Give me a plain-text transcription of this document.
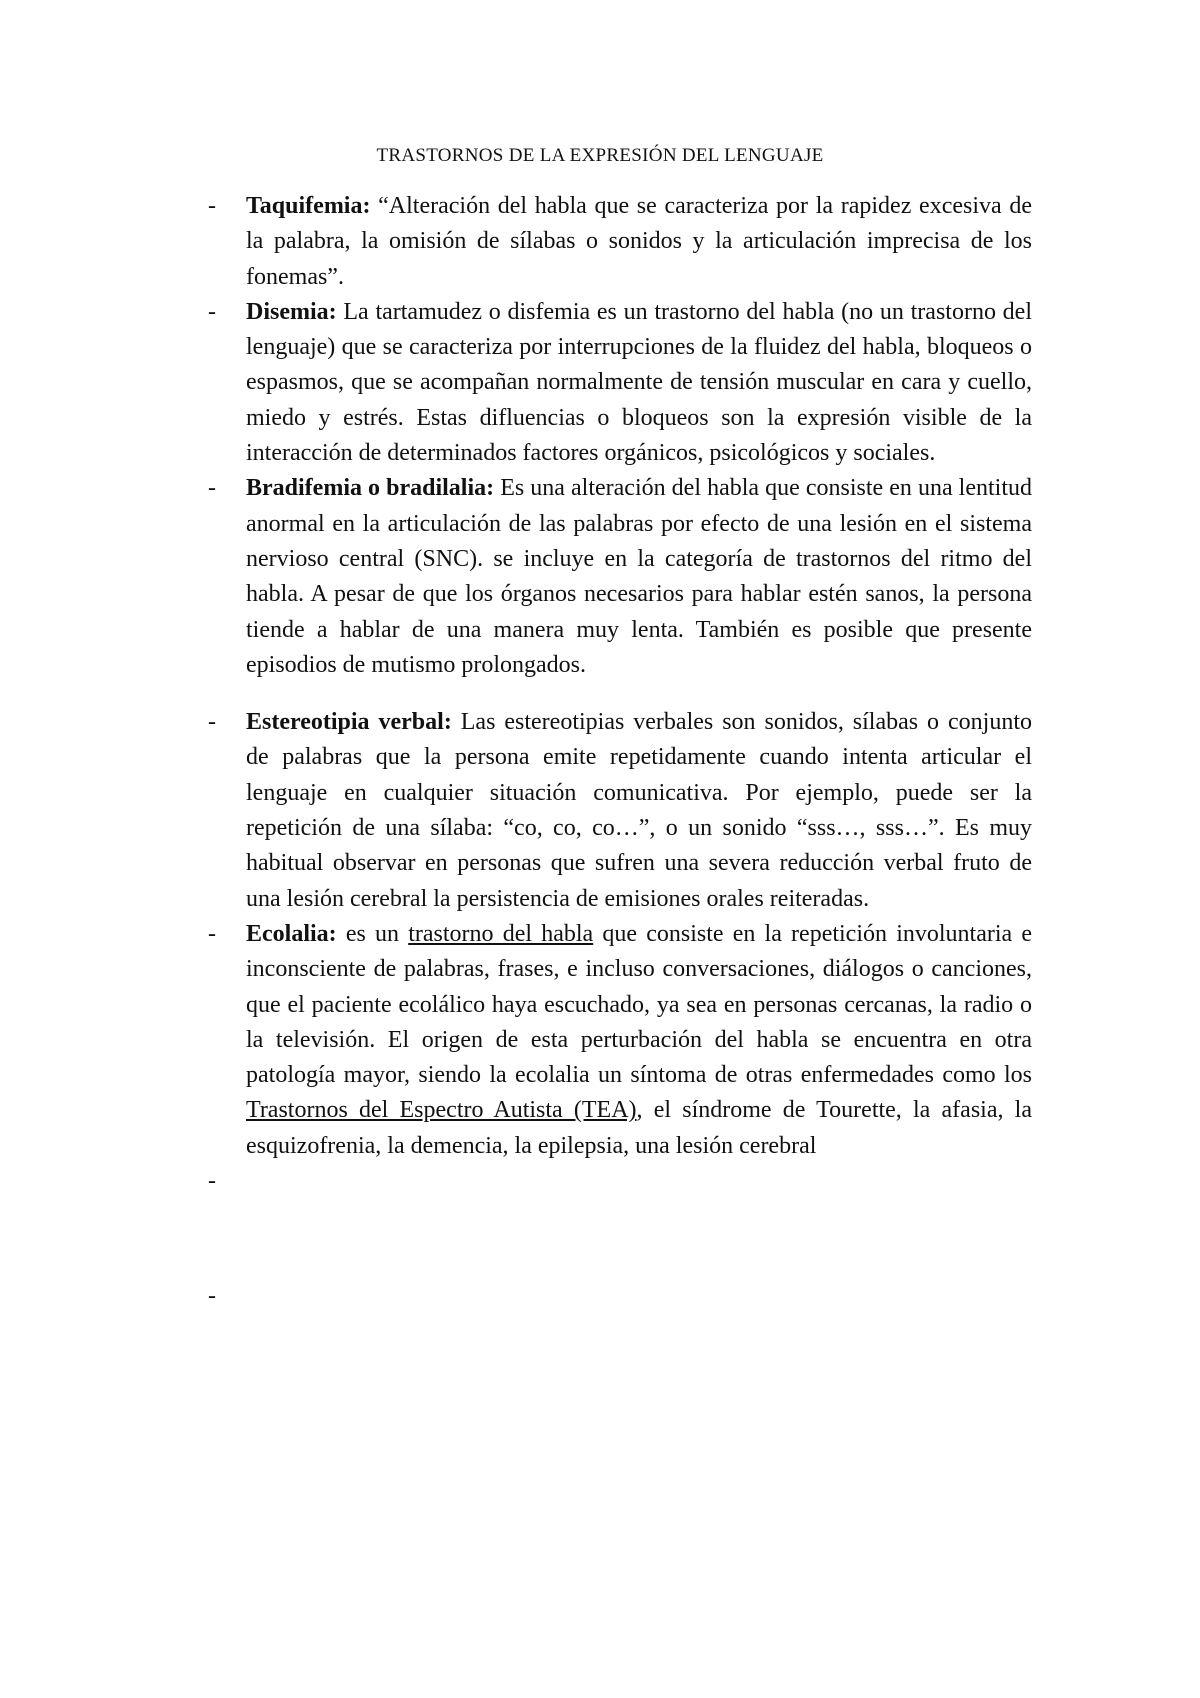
TRASTORNOS DE LA EXPRESIÓN DEL LENGUAJE
- Taquifemia: “Alteración del habla que se caracteriza por la rapidez excesiva de la palabra, la omisión de sílabas o sonidos y la articulación imprecisa de los fonemas”.
- Disemia: La tartamudez o disfemia es un trastorno del habla (no un trastorno del lenguaje) que se caracteriza por interrupciones de la fluidez del habla, bloqueos o espasmos, que se acompañan normalmente de tensión muscular en cara y cuello, miedo y estrés. Estas difluencias o bloqueos son la expresión visible de la interacción de determinados factores orgánicos, psicológicos y sociales.
- Bradifemia o bradilalia: Es una alteración del habla que consiste en una lentitud anormal en la articulación de las palabras por efecto de una lesión en el sistema nervioso central (SNC). se incluye en la categoría de trastornos del ritmo del habla. A pesar de que los órganos necesarios para hablar estén sanos, la persona tiende a hablar de una manera muy lenta. También es posible que presente episodios de mutismo prolongados.
- Estereotipia verbal: Las estereotipias verbales son sonidos, sílabas o conjunto de palabras que la persona emite repetidamente cuando intenta articular el lenguaje en cualquier situación comunicativa. Por ejemplo, puede ser la repetición de una sílaba: “co, co, co…”, o un sonido “sss…, sss…”. Es muy habitual observar en personas que sufren una severa reducción verbal fruto de una lesión cerebral la persistencia de emisiones orales reiteradas.
- Ecolalia: es un trastorno del habla que consiste en la repetición involuntaria e inconsciente de palabras, frases, e incluso conversaciones, diálogos o canciones, que el paciente ecolálico haya escuchado, ya sea en personas cercanas, la radio o la televisión. El origen de esta perturbación del habla se encuentra en otra patología mayor, siendo la ecolalia un síntoma de otras enfermedades como los Trastornos del Espectro Autista (TEA), el síndrome de Tourette, la afasia, la esquizofrenia, la demencia, la epilepsia, una lesión cerebral
-

-
